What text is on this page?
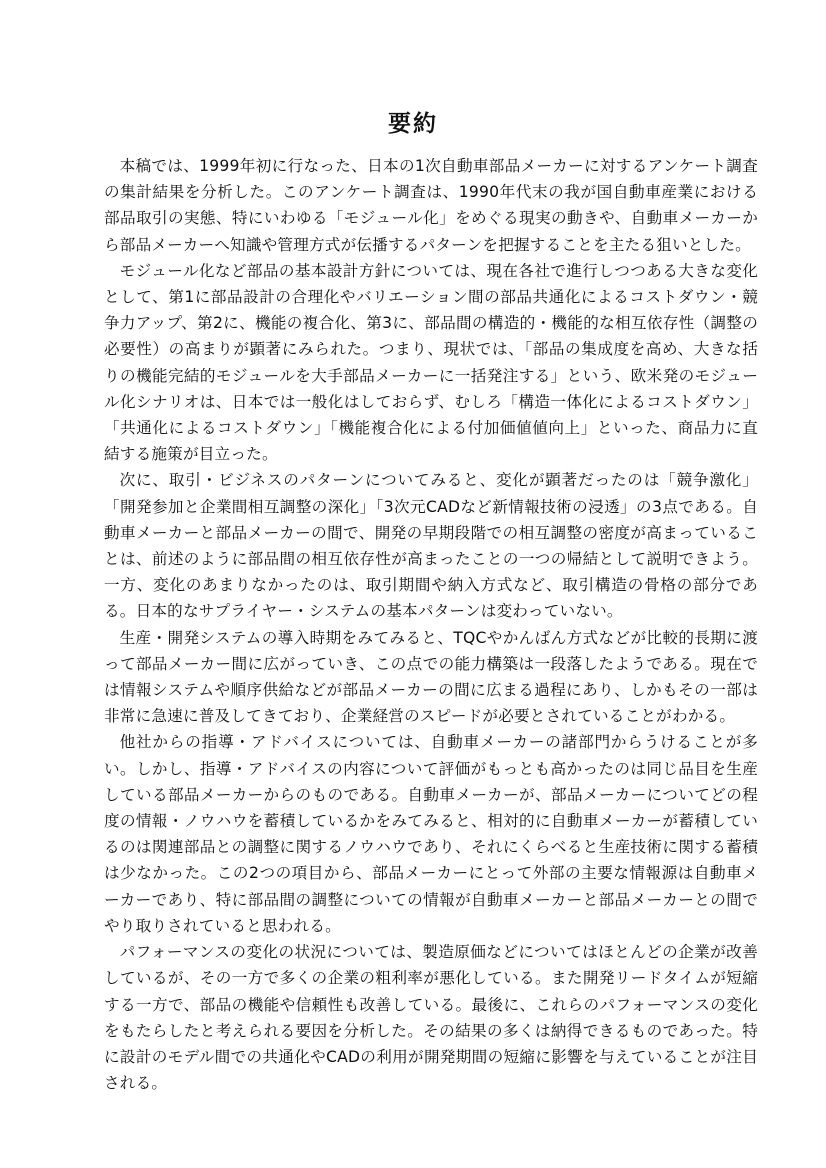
要約

本稿では、1999年初に行なった、日本の1次自動車部品メーカーに対するアンケート調査の集計結果を分析した。このアンケート調査は、1990年代末の我が国自動車産業における部品取引の実態、特にいわゆる「モジュール化」をめぐる現実の動きや、自動車メーカーから部品メーカーへ知識や管理方式が伝播するパターンを把握することを主たる狙いとした。

モジュール化など部品の基本設計方針については、現在各社で進行しつつある大きな変化として、第1に部品設計の合理化やバリエーション間の部品共通化によるコストダウン・競争力アップ、第2に、機能の複合化、第3に、部品間の構造的・機能的な相互依存性（調整の必要性）の高まりが顕著にみられた。つまり、現状では、「部品の集成度を高め、大きな括りの機能完結的モジュールを大手部品メーカーに一括発注する」という、欧米発のモジュール化シナリオは、日本では一般化はしておらず、むしろ「構造一体化によるコストダウン」「共通化によるコストダウン」「機能複合化による付加価値値向上」といった、商品力に直結する施策が目立った。

次に、取引・ビジネスのパターンについてみると、変化が顕著だったのは「競争激化」「開発参加と企業間相互調整の深化」「3次元CADなど新情報技術の浸透」の3点である。自動車メーカーと部品メーカーの間で、開発の早期段階での相互調整の密度が高まっていることは、前述のように部品間の相互依存性が高まったことの一つの帰結として説明できよう。一方、変化のあまりなかったのは、取引期間や納入方式など、取引構造の骨格の部分である。日本的なサプライヤー・システムの基本パターンは変わっていない。

生産・開発システムの導入時期をみてみると、TQCやかんばん方式などが比較的長期に渡って部品メーカー間に広がっていき、この点での能力構築は一段落したようである。現在では情報システムや順序供給などが部品メーカーの間に広まる過程にあり、しかもその一部は非常に急速に普及してきており、企業経営のスピードが必要とされていることがわかる。

他社からの指導・アドバイスについては、自動車メーカーの諸部門からうけることが多い。しかし、指導・アドバイスの内容について評価がもっとも高かったのは同じ品目を生産している部品メーカーからのものである。自動車メーカーが、部品メーカーについてどの程度の情報・ノウハウを蓄積しているかをみてみると、相対的に自動車メーカーが蓄積しているのは関連部品との調整に関するノウハウであり、それにくらべると生産技術に関する蓄積は少なかった。この2つの項目から、部品メーカーにとって外部の主要な情報源は自動車メーカーであり、特に部品間の調整についての情報が自動車メーカーと部品メーカーとの間でやり取りされていると思われる。

パフォーマンスの変化の状況については、製造原価などについてはほとんどの企業が改善しているが、その一方で多くの企業の粗利率が悪化している。また開発リードタイムが短縮する一方で、部品の機能や信頼性も改善している。最後に、これらのパフォーマンスの変化をもたらしたと考えられる要因を分析した。その結果の多くは納得できるものであった。特に設計のモデル間での共通化やCADの利用が開発期間の短縮に影響を与えていることが注目される。
